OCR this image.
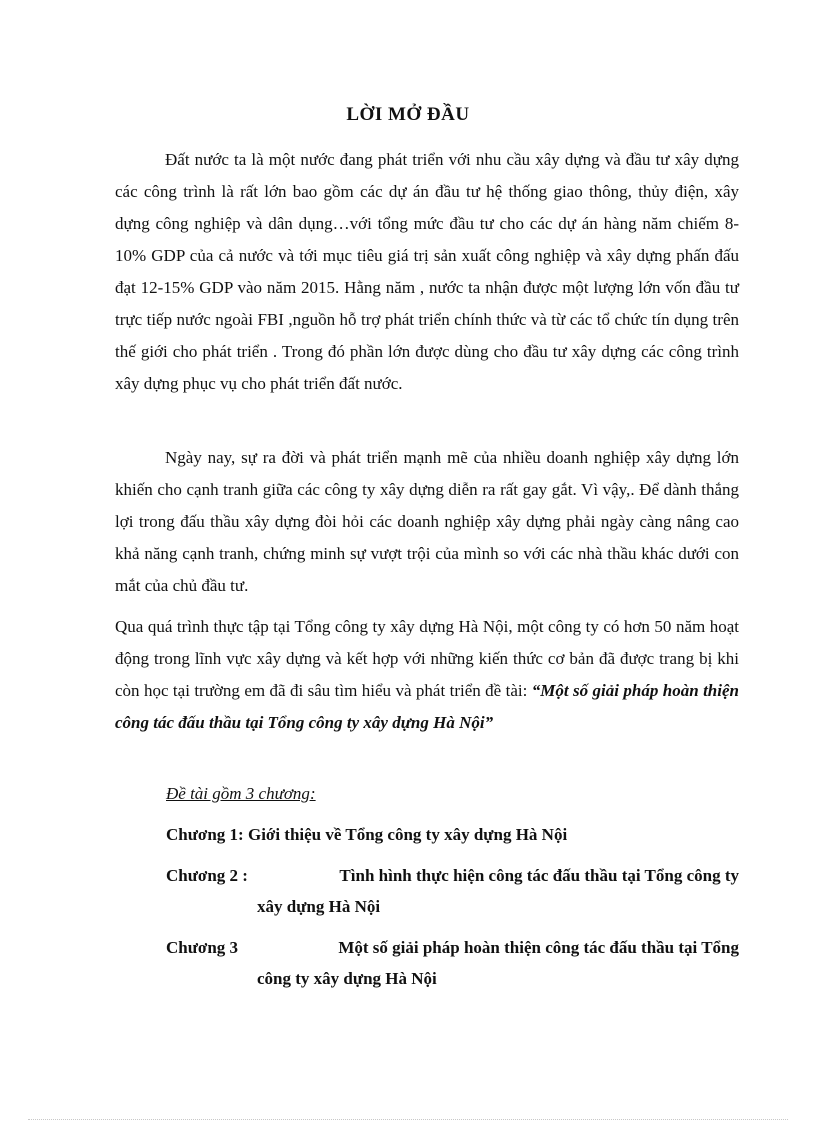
LỜI MỞ ĐẦU

Đất nước ta là một nước đang phát triển với nhu cầu xây dựng và đầu tư xây dựng các công trình là rất lớn bao gồm các dự án đầu tư hệ thống giao thông, thủy điện, xây dựng công nghiệp và dân dụng…với tổng mức đầu tư cho các dự án hàng năm chiếm 8-10% GDP của cả nước và tới mục tiêu giá trị sản xuất công nghiệp và xây dựng phấn đấu đạt 12-15% GDP vào năm 2015. Hằng năm , nước ta nhận được một lượng lớn vốn đầu tư trực tiếp nước ngoài FBI ,nguồn hỗ trợ phát triển chính thức và từ các tổ chức tín dụng trên thế giới cho phát triển . Trong đó phần lớn được dùng cho đầu tư xây dựng các công trình xây dựng phục vụ cho phát triển đất nước.

Ngày nay, sự ra đời và phát triển mạnh mẽ của nhiều doanh nghiệp xây dựng lớn khiến cho cạnh tranh giữa các công ty xây dựng diễn ra rất gay gắt. Vì vậy,. Để dành thắng lợi trong đấu thầu xây dựng đòi hỏi các doanh nghiệp xây dựng phải ngày càng nâng cao khả năng cạnh tranh, chứng minh sự vượt trội của mình so với các nhà thầu khác dưới con mắt của chủ đầu tư.

Qua quá trình thực tập tại Tổng công ty xây dựng Hà Nội, một công ty có hơn 50 năm hoạt động trong lĩnh vực xây dựng và kết hợp với những kiến thức cơ bản đã được trang bị khi còn học tại trường em đã đi sâu tìm hiểu và phát triển đề tài: “Một số giải pháp hoàn thiện công tác đấu thầu tại Tổng công ty xây dựng Hà Nội”

Đề tài gồm 3 chương:
Chương 1: Giới thiệu về Tổng công ty xây dựng Hà Nội
Chương 2 :	Tình hình thực hiện công tác đấu thầu tại Tổng công ty
xây dựng Hà Nội
Chương 3	Một số giải pháp hoàn thiện công tác đấu thầu tại Tổng
công ty xây dựng Hà Nội
